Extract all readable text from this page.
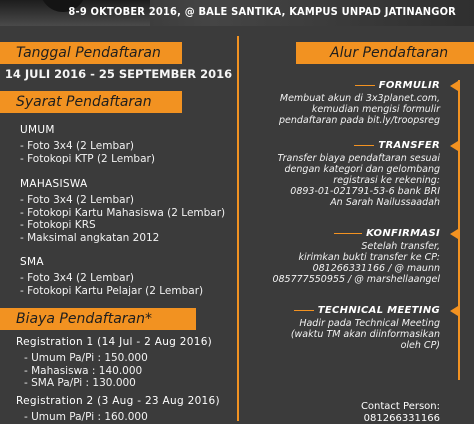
8-9 OKTOBER 2016, @ BALE SANTIKA, KAMPUS UNPAD JATINANGOR
Tanggal Pendaftaran
14 JULI 2016 - 25 SEPTEMBER 2016
Syarat Pendaftaran
UMUM
- Foto 3x4 (2 Lembar)
- Fotokopi KTP (2 Lembar)
MAHASISWA
- Foto 3x4 (2 Lembar)
- Fotokopi Kartu Mahasiswa (2 Lembar)
- Fotokopi KRS
- Maksimal angkatan 2012
SMA
- Foto 3x4 (2 Lembar)
- Fotokopi Kartu Pelajar (2 Lembar)
Biaya Pendaftaran*
Registration 1 (14 Jul - 2 Aug 2016)
- Umum Pa/Pi : 150.000
- Mahasiswa : 140.000
- SMA Pa/Pi : 130.000
Registration 2 (3 Aug - 23 Aug 2016)
- Umum Pa/Pi : 160.000
Alur Pendaftaran
FORMULIR
Membuat akun di 3x3planet.com,
kemudian mengisi formulir
pendaftaran pada bit.ly/troopsreg
TRANSFER
Transfer biaya pendaftaran sesuai
dengan kategori dan gelombang
registrasi ke rekening:
0893-01-021791-53-6 bank BRI
An Sarah Nailussaadah
KONFIRMASI
Setelah transfer,
kirimkan bukti transfer ke CP:
081266331166 / @ maunn
085777550955 / @ marshellaangel
TECHNICAL MEETING
Hadir pada Technical Meeting
(waktu TM akan diinformasikan
oleh CP)
Contact Person:
081266331166
